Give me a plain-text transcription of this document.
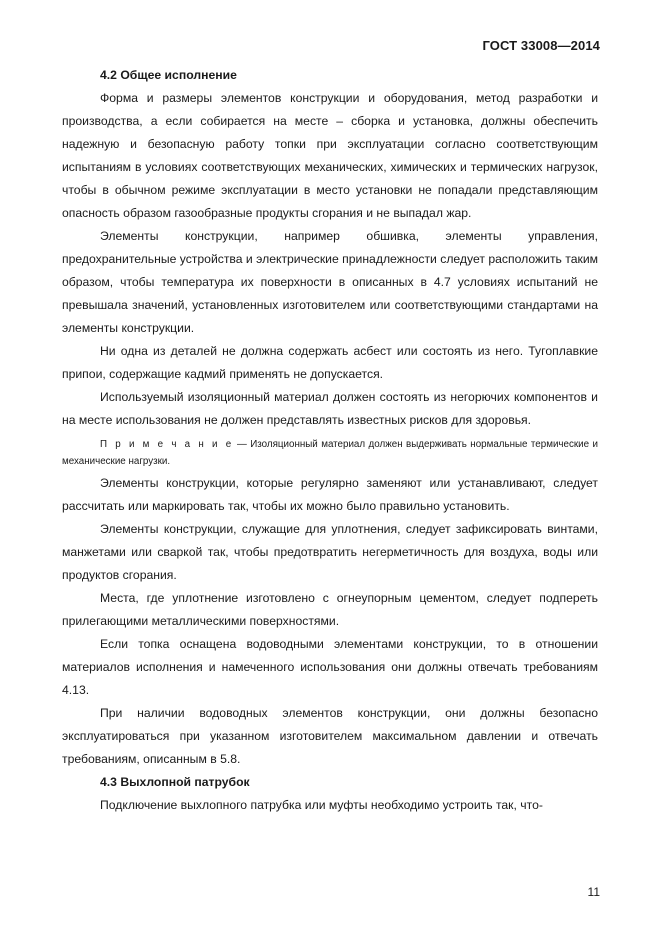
ГОСТ 33008—2014

4.2 Общее исполнение

Форма и размеры элементов конструкции и оборудования, метод разработки и производства, а если собирается на месте – сборка и установка, должны обеспечить надежную и безопасную работу топки при эксплуатации согласно соответствующим испытаниям в условиях соответствующих механических, химических и термических нагрузок, чтобы в обычном режиме эксплуатации в место установки не попадали представляющим опасность образом газообразные продукты сгорания и не выпадал жар.

Элементы конструкции, например обшивка, элементы управления, предохранительные устройства и электрические принадлежности следует расположить таким образом, чтобы температура их поверхности в описанных в 4.7 условиях испытаний не превышала значений, установленных изготовителем или соответствующими стандартами на элементы конструкции.

Ни одна из деталей не должна содержать асбест или состоять из него. Тугоплавкие припои, содержащие кадмий применять не допускается.

Используемый изоляционный материал должен состоять из негорючих компонентов и на месте использования не должен представлять известных рисков для здоровья.

П р и м е ч а н и е — Изоляционный материал должен выдерживать нормальные термические и механические нагрузки.

Элементы конструкции, которые регулярно заменяют или устанавливают, следует рассчитать или маркировать так, чтобы их можно было правильно установить.

Элементы конструкции, служащие для уплотнения, следует зафиксировать винтами, манжетами или сваркой так, чтобы предотвратить негерметичность для воздуха, воды или продуктов сгорания.

Места, где уплотнение изготовлено с огнеупорным цементом, следует подпереть прилегающими металлическими поверхностями.

Если топка оснащена водоводными элементами конструкции, то в отношении материалов исполнения и намеченного использования они должны отвечать требованиям 4.13.

При наличии водоводных элементов конструкции, они должны безопасно эксплуатироваться при указанном изготовителем максимальном давлении и отвечать требованиям, описанным в 5.8.

4.3 Выхлопной патрубок

Подключение выхлопного патрубка или муфты необходимо устроить так, что-

11
